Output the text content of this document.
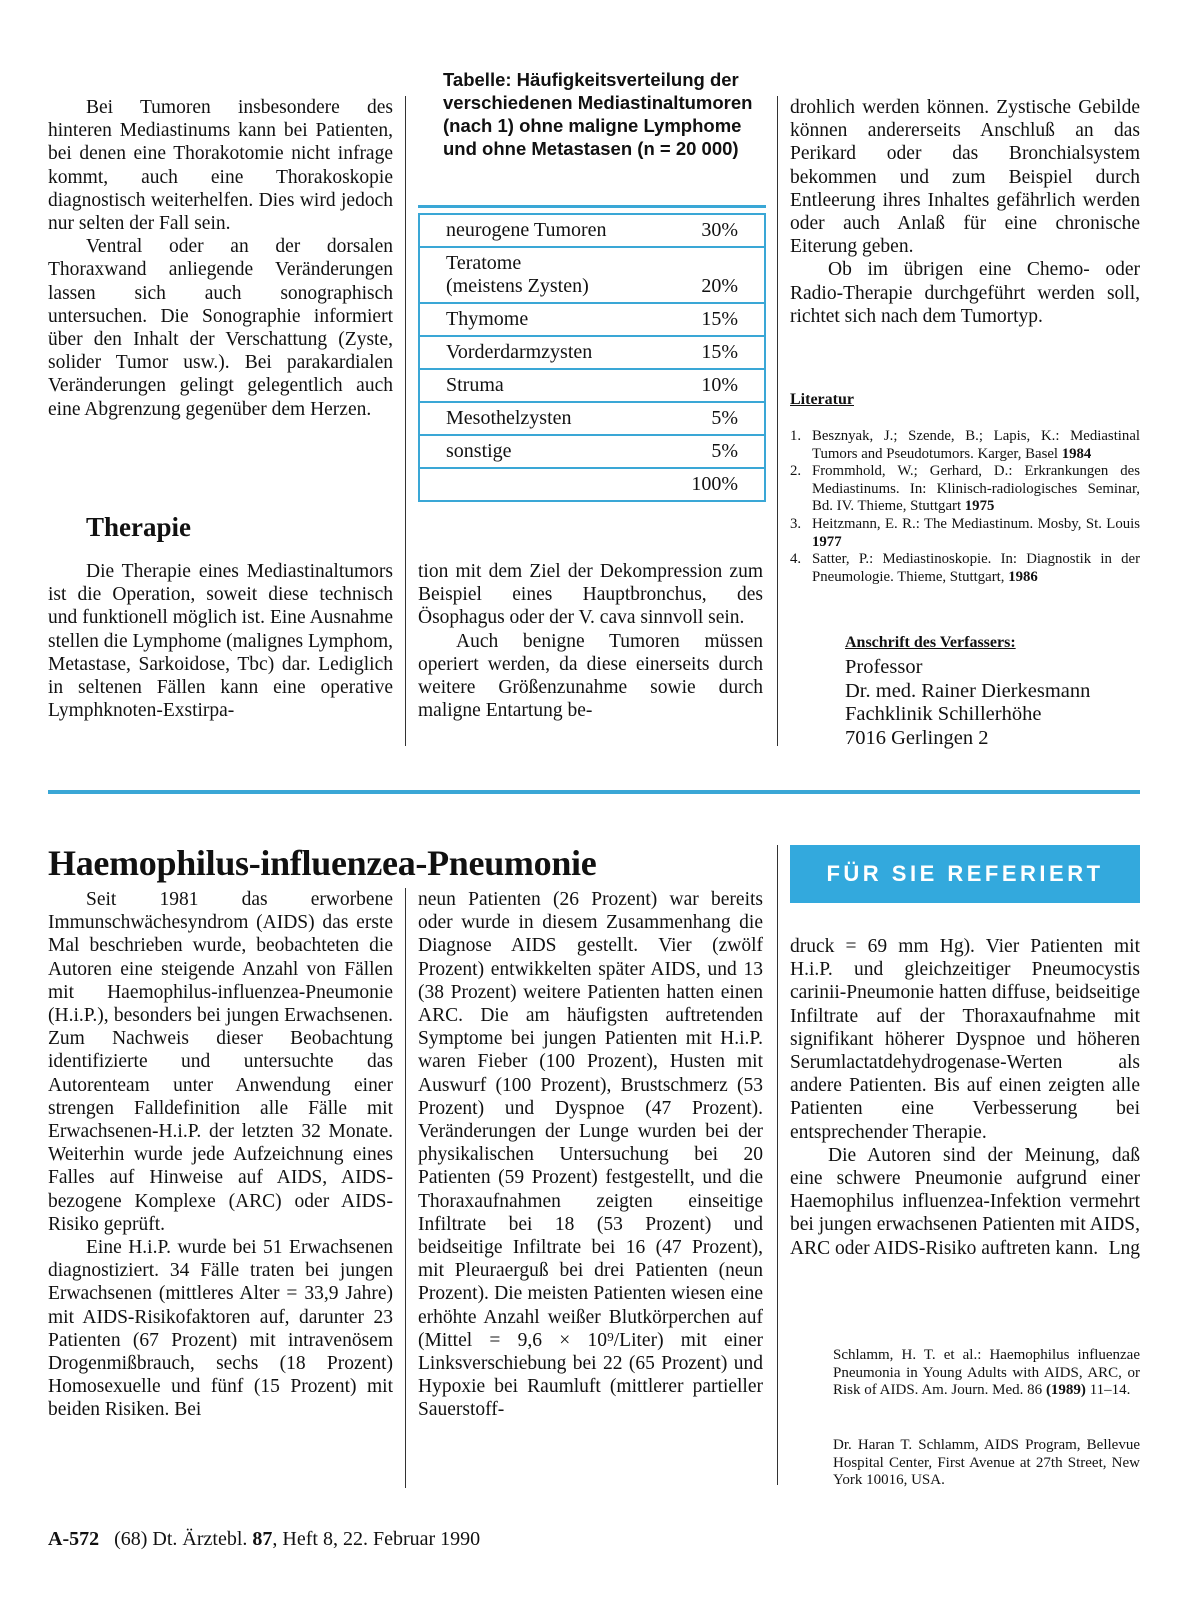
Bei Tumoren insbesondere des hinteren Mediastinums kann bei Patienten, bei denen eine Thorakotomie nicht infrage kommt, auch eine Thorakoskopie diagnostisch weiterhelfen. Dies wird jedoch nur selten der Fall sein.

Ventral oder an der dorsalen Thoraxwand anliegende Veränderungen lassen sich auch sonographisch untersuchen. Die Sonographie informiert über den Inhalt der Verschattung (Zyste, solider Tumor usw.). Bei parakardialen Veränderungen gelingt gelegentlich auch eine Abgrenzung gegenüber dem Herzen.

Therapie

Die Therapie eines Mediastinaltumors ist die Operation, soweit diese technisch und funktionell möglich ist. Eine Ausnahme stellen die Lymphome (malignes Lymphom, Metastase, Sarkoidose, Tbc) dar. Lediglich in seltenen Fällen kann eine operative Lymphknoten-Exstirpa-

Tabelle: Häufigkeitsverteilung der verschiedenen Mediastinaltumoren (nach 1) ohne maligne Lymphome und ohne Metastasen (n = 20 000)

neurogene Tumoren	30%
Teratome
(meistens Zysten)	20%
Thymome	15%
Vorderdarmzysten	15%
Struma	10%
Mesothelzysten	5%
sonstige	5%
100%

tion mit dem Ziel der Dekompression zum Beispiel eines Hauptbronchus, des Ösophagus oder der V. cava sinnvoll sein.

Auch benigne Tumoren müssen operiert werden, da diese einerseits durch weitere Größenzunahme sowie durch maligne Entartung be-

drohlich werden können. Zystische Gebilde können andererseits Anschluß an das Perikard oder das Bronchialsystem bekommen und zum Beispiel durch Entleerung ihres Inhaltes gefährlich werden oder auch Anlaß für eine chronische Eiterung geben.

Ob im übrigen eine Chemo- oder Radio-Therapie durchgeführt werden soll, richtet sich nach dem Tumortyp.

Literatur

1. Besznyak, J.; Szende, B.; Lapis, K.: Mediastinal Tumors and Pseudotumors. Karger, Basel 1984
2. Frommhold, W.; Gerhard, D.: Erkrankungen des Mediastinums. In: Klinisch-radiologisches Seminar, Bd. IV. Thieme, Stuttgart 1975
3. Heitzmann, E. R.: The Mediastinum. Mosby, St. Louis 1977
4. Satter, P.: Mediastinoskopie. In: Diagnostik in der Pneumologie. Thieme, Stuttgart, 1986

Anschrift des Verfassers:

Professor
Dr. med. Rainer Dierkesmann
Fachklinik Schillerhöhe
7016 Gerlingen 2
Haemophilus-influenzea-Pneumonie	FÜR SIE REFERIERT

Seit 1981 das erworbene Immunschwächesyndrom (AIDS) das erste Mal beschrieben wurde, beobachteten die Autoren eine steigende Anzahl von Fällen mit Haemophilus-influenzea-Pneumonie (H.i.P.), besonders bei jungen Erwachsenen. Zum Nachweis dieser Beobachtung identifizierte und untersuchte das Autorenteam unter Anwendung einer strengen Falldefinition alle Fälle mit Erwachsenen-H.i.P. der letzten 32 Monate. Weiterhin wurde jede Aufzeichnung eines Falles auf Hinweise auf AIDS, AIDS-bezogene Komplexe (ARC) oder AIDS-Risiko geprüft.

Eine H.i.P. wurde bei 51 Erwachsenen diagnostiziert. 34 Fälle traten bei jungen Erwachsenen (mittleres Alter = 33,9 Jahre) mit AIDS-Risikofaktoren auf, darunter 23 Patienten (67 Prozent) mit intravenösem Drogenmißbrauch, sechs (18 Prozent) Homosexuelle und fünf (15 Prozent) mit beiden Risiken. Bei

neun Patienten (26 Prozent) war bereits oder wurde in diesem Zusammenhang die Diagnose AIDS gestellt. Vier (zwölf Prozent) entwikkelten später AIDS, und 13 (38 Prozent) weitere Patienten hatten einen ARC. Die am häufigsten auftretenden Symptome bei jungen Patienten mit H.i.P. waren Fieber (100 Prozent), Husten mit Auswurf (100 Prozent), Brustschmerz (53 Prozent) und Dyspnoe (47 Prozent). Veränderungen der Lunge wurden bei der physikalischen Untersuchung bei 20 Patienten (59 Prozent) festgestellt, und die Thoraxaufnahmen zeigten einseitige Infiltrate bei 18 (53 Prozent) und beidseitige Infiltrate bei 16 (47 Prozent), mit Pleuraerguß bei drei Patienten (neun Prozent). Die meisten Patienten wiesen eine erhöhte Anzahl weißer Blutkörperchen auf (Mittel = 9,6 × 10⁹/Liter) mit einer Linksverschiebung bei 22 (65 Prozent) und Hypoxie bei Raumluft (mittlerer partieller Sauerstoff-

druck = 69 mm Hg). Vier Patienten mit H.i.P. und gleichzeitiger Pneumocystis carinii-Pneumonie hatten diffuse, beidseitige Infiltrate auf der Thoraxaufnahme mit signifikant höherer Dyspnoe und höheren Serumlactatdehydrogenase-Werten als andere Patienten. Bis auf einen zeigten alle Patienten eine Verbesserung bei entsprechender Therapie.

Die Autoren sind der Meinung, daß eine schwere Pneumonie aufgrund einer Haemophilus influenzea-Infektion vermehrt bei jungen erwachsenen Patienten mit AIDS, ARC oder AIDS-Risiko auftreten kann. Lng

Schlamm, H. T. et al.: Haemophilus influenzae Pneumonia in Young Adults with AIDS, ARC, or Risk of AIDS. Am. Journ. Med. 86 (1989) 11–14.

Dr. Haran T. Schlamm, AIDS Program, Bellevue Hospital Center, First Avenue at 27th Street, New York 10016, USA.

A-572 (68) Dt. Ärztebl. 87, Heft 8, 22. Februar 1990
